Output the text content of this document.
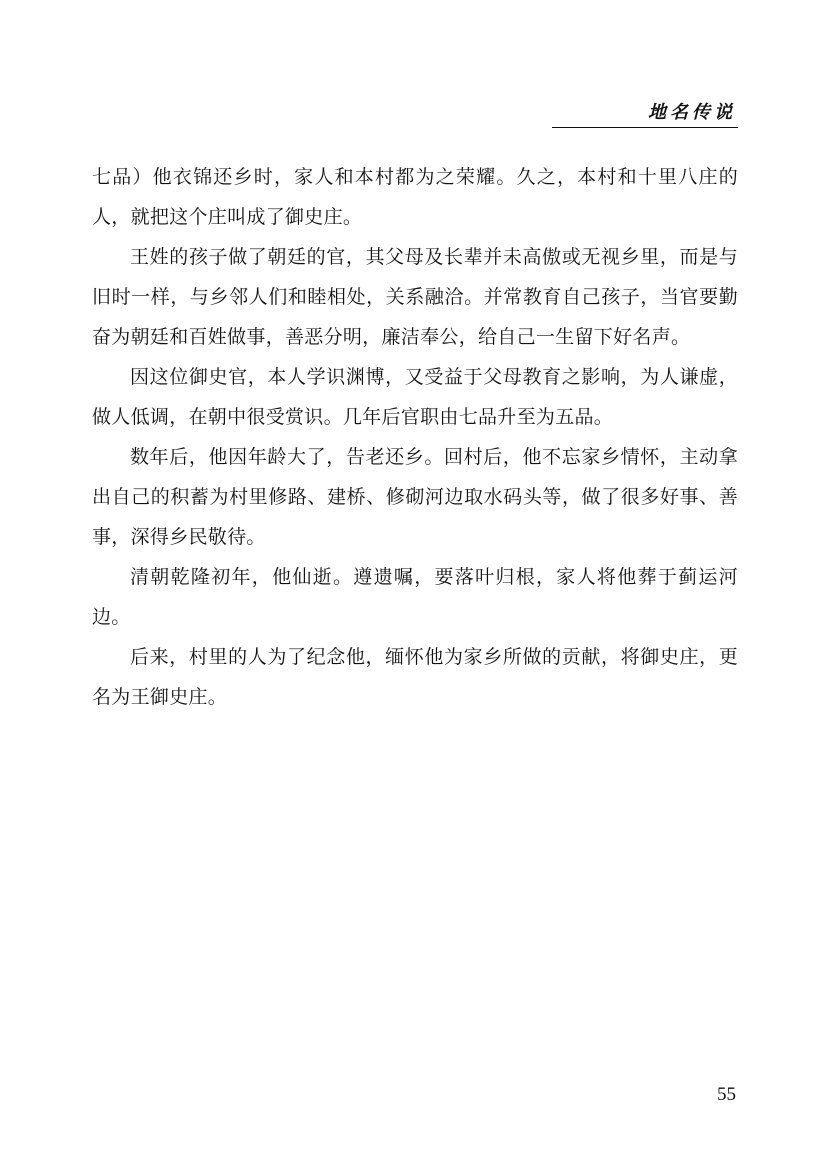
地名传说

七品）他衣锦还乡时，家人和本村都为之荣耀。久之，本村和十里八庄的人，就把这个庄叫成了御史庄。

王姓的孩子做了朝廷的官，其父母及长辈并未高傲或无视乡里，而是与旧时一样，与乡邻人们和睦相处，关系融洽。并常教育自己孩子，当官要勤奋为朝廷和百姓做事，善恶分明，廉洁奉公，给自己一生留下好名声。

因这位御史官，本人学识渊博，又受益于父母教育之影响，为人谦虚，做人低调，在朝中很受赏识。几年后官职由七品升至为五品。

数年后，他因年龄大了，告老还乡。回村后，他不忘家乡情怀，主动拿出自己的积蓄为村里修路、建桥、修砌河边取水码头等，做了很多好事、善事，深得乡民敬待。

清朝乾隆初年，他仙逝。遵遗嘱，要落叶归根，家人将他葬于蓟运河边。

后来，村里的人为了纪念他，缅怀他为家乡所做的贡献，将御史庄，更名为王御史庄。

55
